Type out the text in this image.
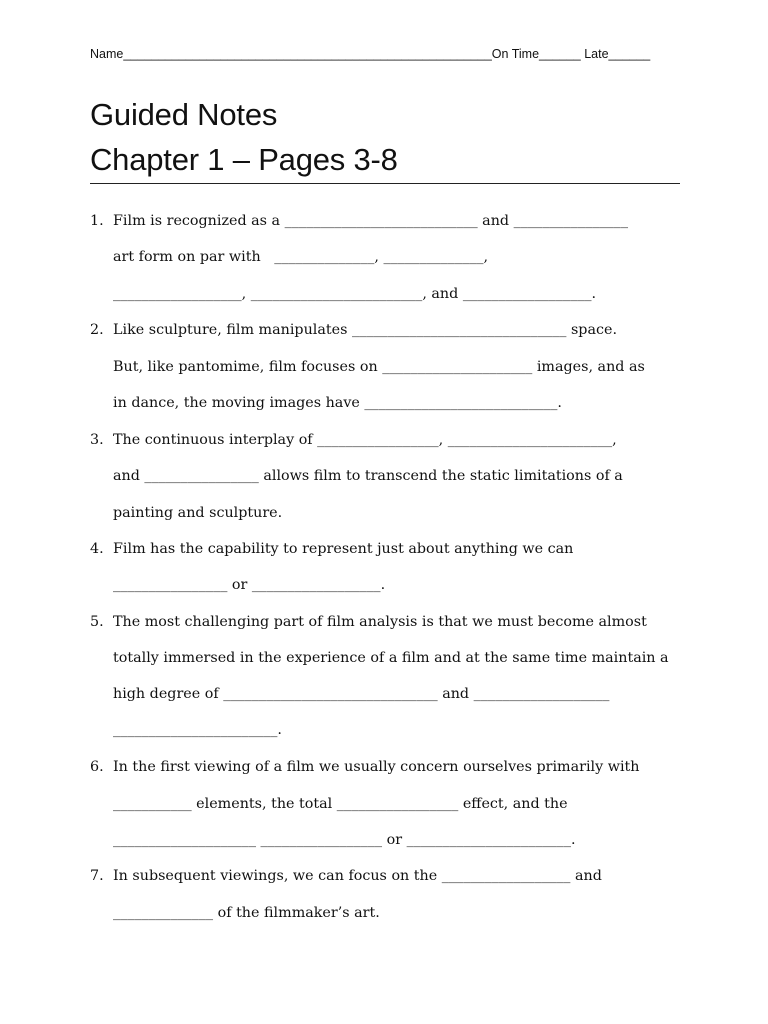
Name_____________________________________________________On Time______ Late______
Guided Notes
Chapter 1 – Pages 3-8
1. Film is recognized as a ___________________________ and ________________
art form on par with   ______________, ______________,
__________________, ________________________, and __________________.
2. Like sculpture, film manipulates ______________________________ space.
But, like pantomime, film focuses on _____________________ images, and as
in dance, the moving images have ___________________________.
3. The continuous interplay of _________________, _______________________,
and ________________ allows film to transcend the static limitations of a
painting and sculpture.
4. Film has the capability to represent just about anything we can
________________ or __________________.
5. The most challenging part of film analysis is that we must become almost
totally immersed in the experience of a film and at the same time maintain a
high degree of ______________________________ and ___________________
_______________________.
6. In the first viewing of a film we usually concern ourselves primarily with
___________ elements, the total _________________ effect, and the
____________________ _________________ or _______________________.
7. In subsequent viewings, we can focus on the __________________ and
______________ of the filmmaker’s art.
